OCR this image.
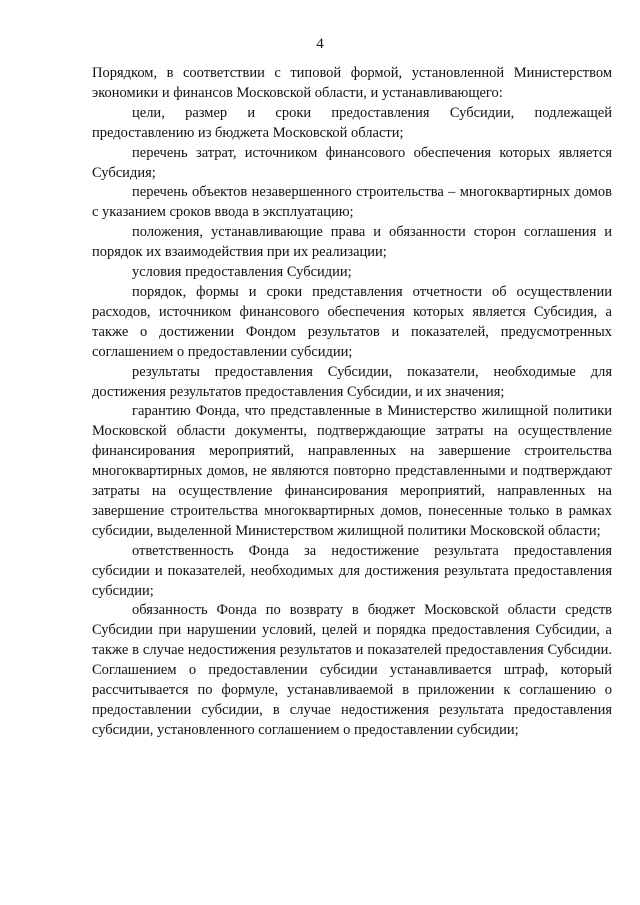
4

Порядком, в соответствии с типовой формой, установленной Министерством экономики и финансов Московской области, и устанавливающего:

цели, размер и сроки предоставления Субсидии, подлежащей предоставлению из бюджета Московской области;

перечень затрат, источником финансового обеспечения которых является Субсидия;

перечень объектов незавершенного строительства – многоквартирных домов с указанием сроков ввода в эксплуатацию;

положения, устанавливающие права и обязанности сторон соглашения и порядок их взаимодействия при их реализации;

условия предоставления Субсидии;

порядок, формы и сроки представления отчетности об осуществлении расходов, источником финансового обеспечения которых является Субсидия, а также о достижении Фондом результатов и показателей, предусмотренных соглашением о предоставлении субсидии;

результаты предоставления Субсидии, показатели, необходимые для достижения результатов предоставления Субсидии, и их значения;

гарантию Фонда, что представленные в Министерство жилищной политики Московской области документы, подтверждающие затраты на осуществление финансирования мероприятий, направленных на завершение строительства многоквартирных домов, не являются повторно представленными и подтверждают затраты на осуществление финансирования мероприятий, направленных на завершение строительства многоквартирных домов, понесенные только в рамках субсидии, выделенной Министерством жилищной политики Московской области;

ответственность Фонда за недостижение результата предоставления субсидии и показателей, необходимых для достижения результата предоставления субсидии;

обязанность Фонда по возврату в бюджет Московской области средств Субсидии при нарушении условий, целей и порядка предоставления Субсидии, а также в случае недостижения результатов и показателей предоставления Субсидии. Соглашением о предоставлении субсидии устанавливается штраф, который рассчитывается по формуле, устанавливаемой в приложении к соглашению о предоставлении субсидии, в случае недостижения результата предоставления субсидии, установленного соглашением о предоставлении субсидии;
